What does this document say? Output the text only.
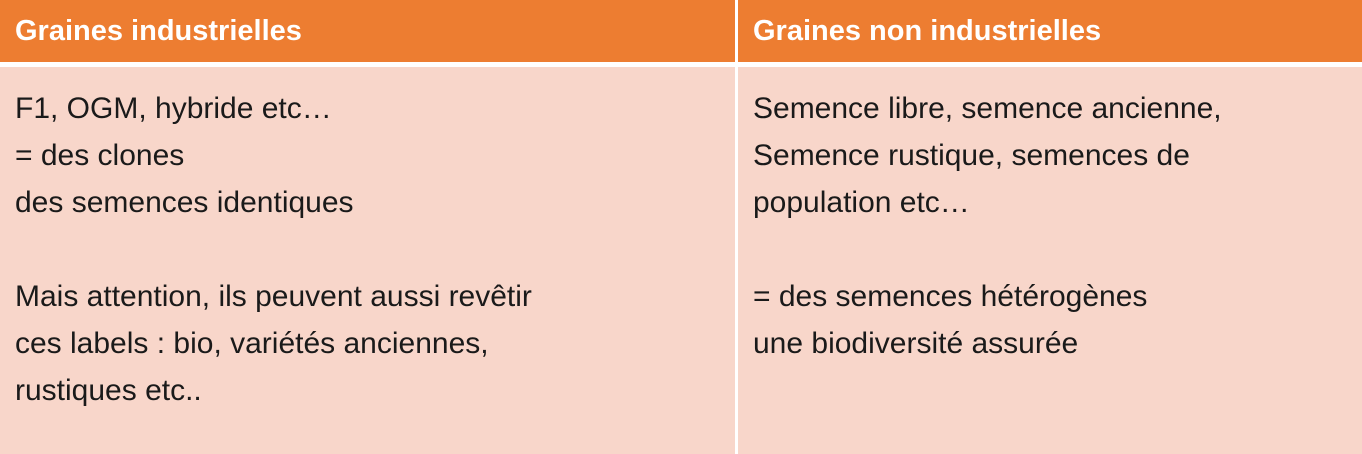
Graines industrielles	Graines non industrielles
F1, OGM, hybride etc…
= des clones
des semences identiques
Mais attention, ils peuvent aussi revêtir
ces labels : bio, variétés anciennes,
rustiques etc..
Semence libre, semence ancienne,
Semence rustique, semences de
population etc…
= des semences hétérogènes
une biodiversité assurée
